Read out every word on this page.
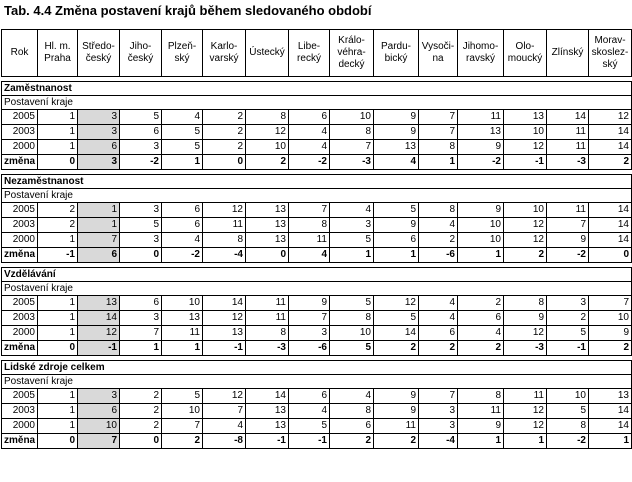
Tab. 4.4 Změna postavení krajů během sledovaného období
Rok	Hl. m. Praha	Středo-český	Jiho-český	Plzeň-ský	Karlo-varský	Ústecký	Libe-recký	Králo-véhra-decký	Pardu-bický	Vysoči-na	Jihomo-ravský	Olo-moucký	Zlínský	Morav-skoslez-ský

Zaměstnanost														
Postavení kraje														
2005	1	3	5	4	2	8	6	10	9	7	11	13	14	12
2003	1	3	6	5	2	12	4	8	9	7	13	10	11	14
2000	1	6	3	5	2	10	4	7	13	8	9	12	11	14
změna	0	3	-2	1	0	2	-2	-3	4	1	-2	-1	-3	2

Nezaměstnanost														
Postavení kraje														
2005	2	1	3	6	12	13	7	4	5	8	9	10	11	14
2003	2	1	5	6	11	13	8	3	9	4	10	12	7	14
2000	1	7	3	4	8	13	11	5	6	2	10	12	9	14
změna	-1	6	0	-2	-4	0	4	1	1	-6	1	2	-2	0

Vzdělávání														
Postavení kraje														
2005	1	13	6	10	14	11	9	5	12	4	2	8	3	7
2003	1	14	3	13	12	11	7	8	5	4	6	9	2	10
2000	1	12	7	11	13	8	3	10	14	6	4	12	5	9
změna	0	-1	1	1	-1	-3	-6	5	2	2	2	-3	-1	2

Lidské zdroje celkem														
Postavení kraje														
2005	1	3	2	5	12	14	6	4	9	7	8	11	10	13
2003	1	6	2	10	7	13	4	8	9	3	11	12	5	14
2000	1	10	2	7	4	13	5	6	11	3	9	12	8	14
změna	0	7	0	2	-8	-1	-1	2	2	-4	1	1	-2	1
